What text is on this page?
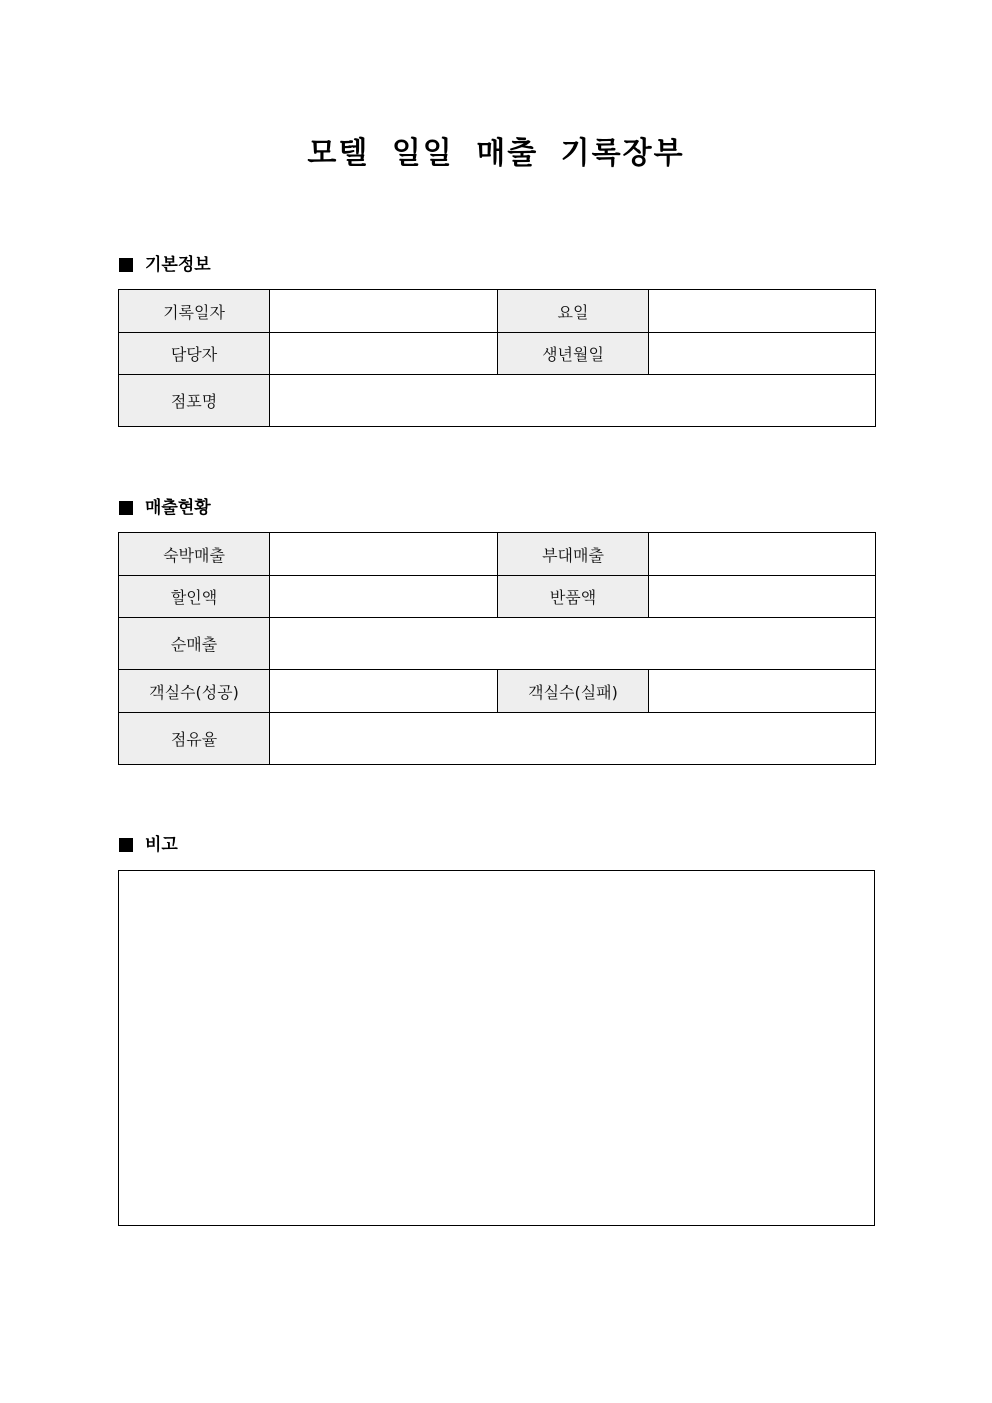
모텔 일일 매출 기록장부
기본정보
기록일자		요일	
담당자		생년월일	
점포명			
매출현황
숙박매출		부대매출	
할인액		반품액	
순매출			
객실수(성공)		객실수(실패)	
점유율			
비고
